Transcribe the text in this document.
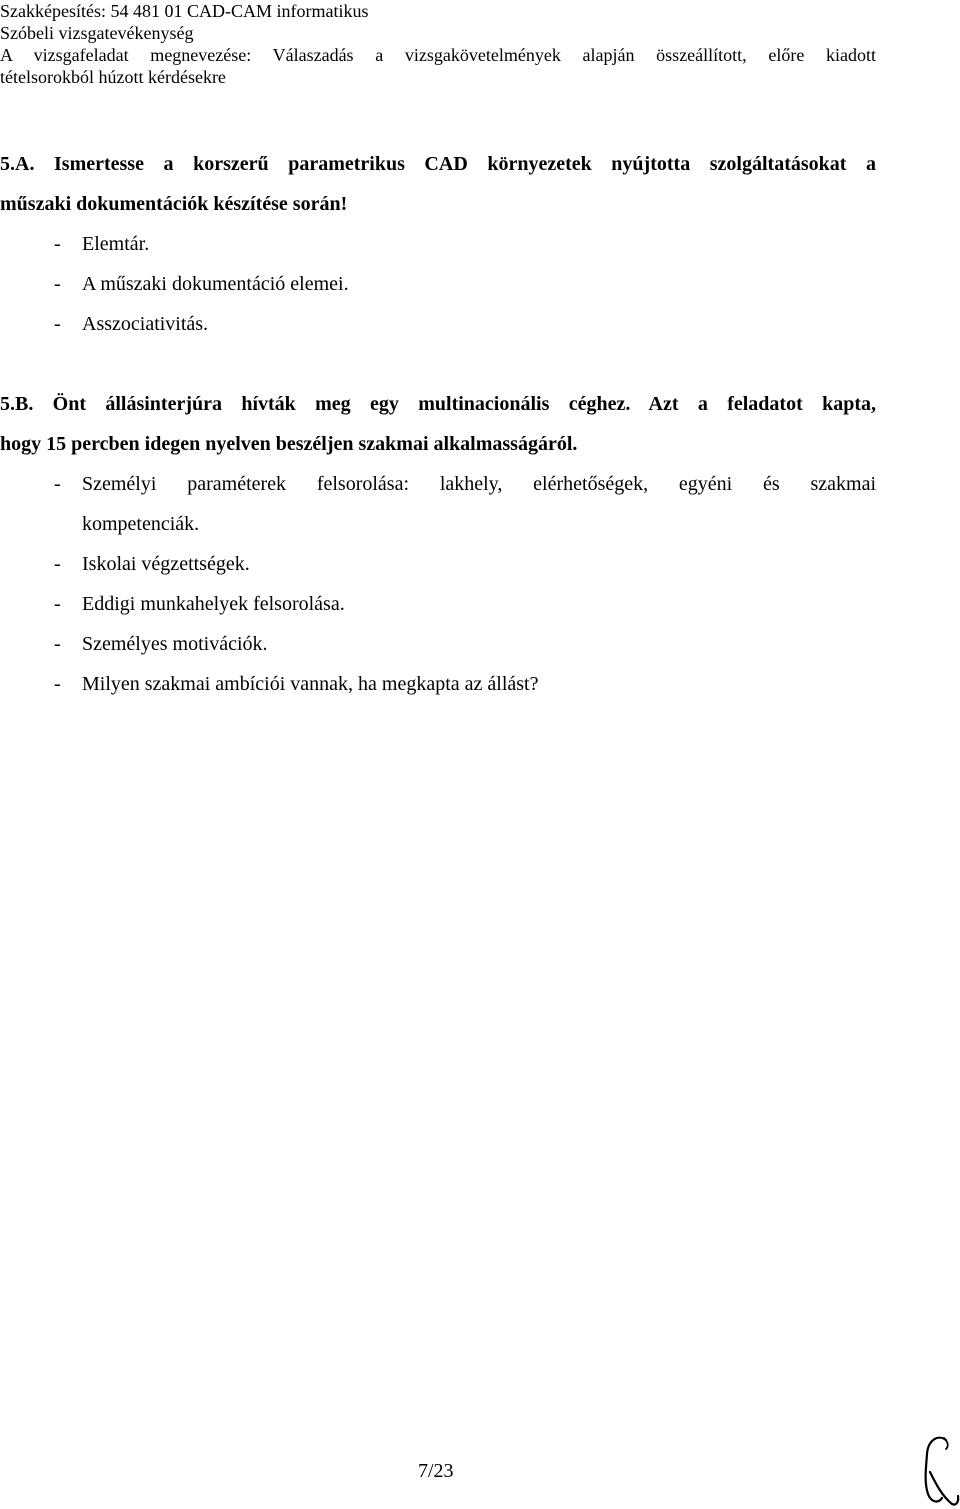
Szakképesítés: 54 481 01 CAD-CAM informatikus
Szóbeli vizsgatevékenység
A vizsgafeladat megnevezése: Válaszadás a vizsgakövetelmények alapján összeállított, előre kiadott
tételsorokból húzott kérdésekre
5.A. Ismertesse a korszerű parametrikus CAD környezetek nyújtotta szolgáltatásokat a
műszaki dokumentációk készítése során!
- Elemtár.
- A műszaki dokumentáció elemei.
- Asszociativitás.
5.B. Önt állásinterjúra hívták meg egy multinacionális céghez. Azt a feladatot kapta,
hogy 15 percben idegen nyelven beszéljen szakmai alkalmasságáról.
- Személyi paraméterek felsorolása: lakhely, elérhetőségek, egyéni és szakmai
kompetenciák.
- Iskolai végzettségek.
- Eddigi munkahelyek felsorolása.
- Személyes motivációk.
- Milyen szakmai ambíciói vannak, ha megkapta az állást?
7/23
